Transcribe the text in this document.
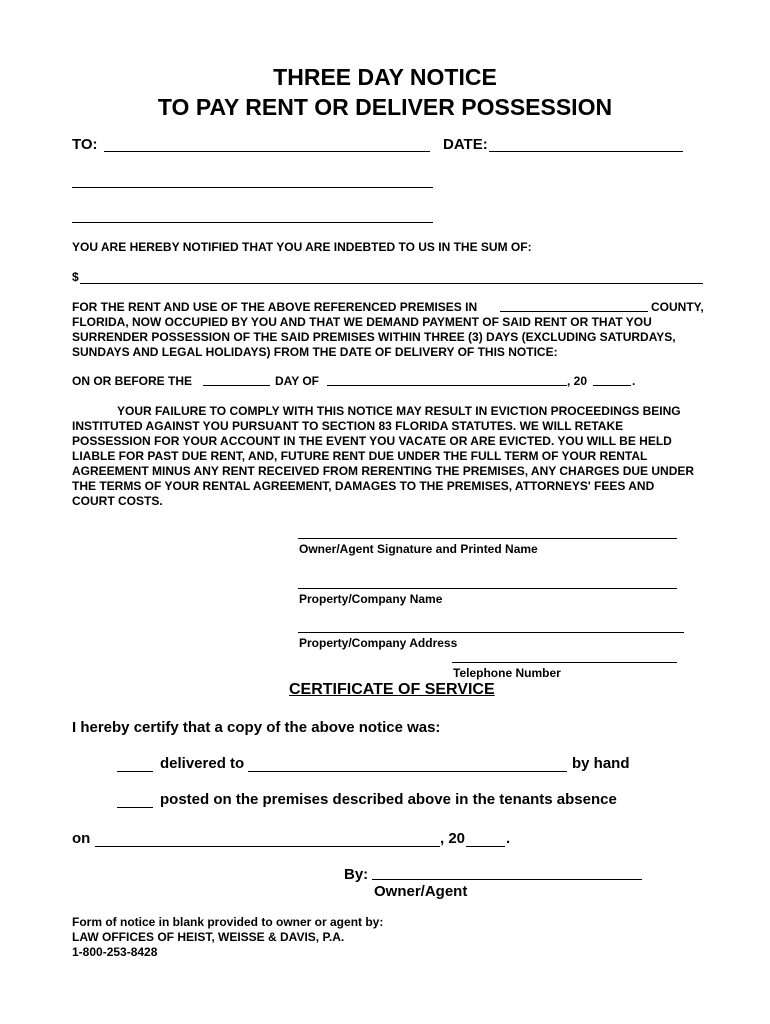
THREE DAY NOTICE
TO PAY RENT OR DELIVER POSSESSION
TO:	DATE:
YOU ARE HEREBY NOTIFIED THAT YOU ARE INDEBTED TO US IN THE SUM OF:
$
FOR THE RENT AND USE OF THE ABOVE REFERENCED PREMISES IN	COUNTY,
FLORIDA, NOW OCCUPIED BY YOU AND THAT WE DEMAND PAYMENT OF SAID RENT OR THAT YOU
SURRENDER POSSESSION OF THE SAID PREMISES WITHIN THREE (3) DAYS (EXCLUDING SATURDAYS,
SUNDAYS AND LEGAL HOLIDAYS) FROM THE DATE OF DELIVERY OF THIS NOTICE:
ON OR BEFORE THE	DAY OF	, 20	.
YOUR FAILURE TO COMPLY WITH THIS NOTICE MAY RESULT IN EVICTION PROCEEDINGS BEING
INSTITUTED AGAINST YOU PURSUANT TO SECTION 83 FLORIDA STATUTES. WE WILL RETAKE
POSSESSION FOR YOUR ACCOUNT IN THE EVENT YOU VACATE OR ARE EVICTED. YOU WILL BE HELD
LIABLE FOR PAST DUE RENT, AND, FUTURE RENT DUE UNDER THE FULL TERM OF YOUR RENTAL
AGREEMENT MINUS ANY RENT RECEIVED FROM RERENTING THE PREMISES, ANY CHARGES DUE UNDER
THE TERMS OF YOUR RENTAL AGREEMENT, DAMAGES TO THE PREMISES, ATTORNEYS' FEES AND
COURT COSTS.
Owner/Agent Signature and Printed Name
Property/Company Name
Property/Company Address
Telephone Number
CERTIFICATE OF SERVICE
I hereby certify that a copy of the above notice was:
delivered to	by hand
posted on the premises described above in the tenants absence
on	, 20	.
By:
Owner/Agent
Form of notice in blank provided to owner or agent by:
LAW OFFICES OF HEIST, WEISSE & DAVIS, P.A.
1-800-253-8428
